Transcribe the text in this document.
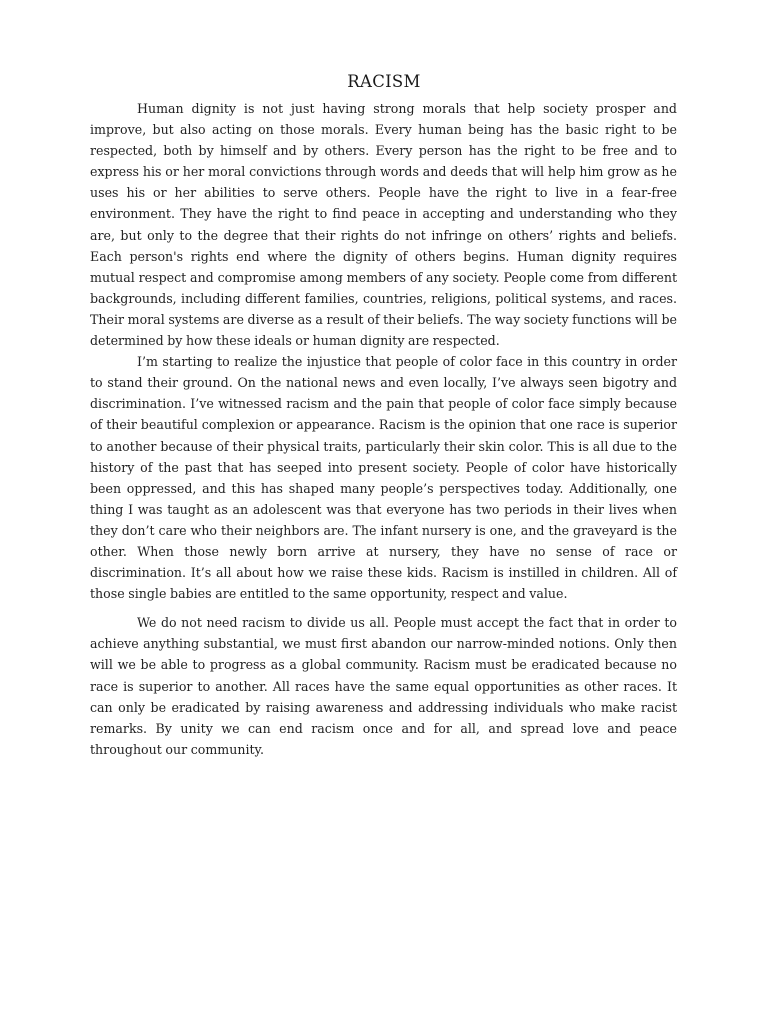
RACISM

Human dignity is not just having strong morals that help society prosper and improve, but also acting on those morals. Every human being has the basic right to be respected, both by himself and by others. Every person has the right to be free and to express his or her moral convictions through words and deeds that will help him grow as he uses his or her abilities to serve others. People have the right to live in a fear-free environment. They have the right to find peace in accepting and understanding who they are, but only to the degree that their rights do not infringe on others’ rights and beliefs. Each person's rights end where the dignity of others begins. Human dignity requires mutual respect and compromise among members of any society. People come from different backgrounds, including different families, countries, religions, political systems, and races. Their moral systems are diverse as a result of their beliefs. The way society functions will be determined by how these ideals or human dignity are respected.

I’m starting to realize the injustice that people of color face in this country in order to stand their ground. On the national news and even locally, I’ve always seen bigotry and discrimination. I’ve witnessed racism and the pain that people of color face simply because of their beautiful complexion or appearance. Racism is the opinion that one race is superior to another because of their physical traits, particularly their skin color. This is all due to the history of the past that has seeped into present society. People of color have historically been oppressed, and this has shaped many people’s perspectives today. Additionally, one thing I was taught as an adolescent was that everyone has two periods in their lives when they don’t care who their neighbors are. The infant nursery is one, and the graveyard is the other. When those newly born arrive at nursery, they have no sense of race or discrimination. It’s all about how we raise these kids. Racism is instilled in children. All of those single babies are entitled to the same opportunity, respect and value.

We do not need racism to divide us all. People must accept the fact that in order to achieve anything substantial, we must first abandon our narrow-minded notions. Only then will we be able to progress as a global community. Racism must be eradicated because no race is superior to another. All races have the same equal opportunities as other races. It can only be eradicated by raising awareness and addressing individuals who make racist remarks. By unity we can end racism once and for all, and spread love and peace throughout our community.
